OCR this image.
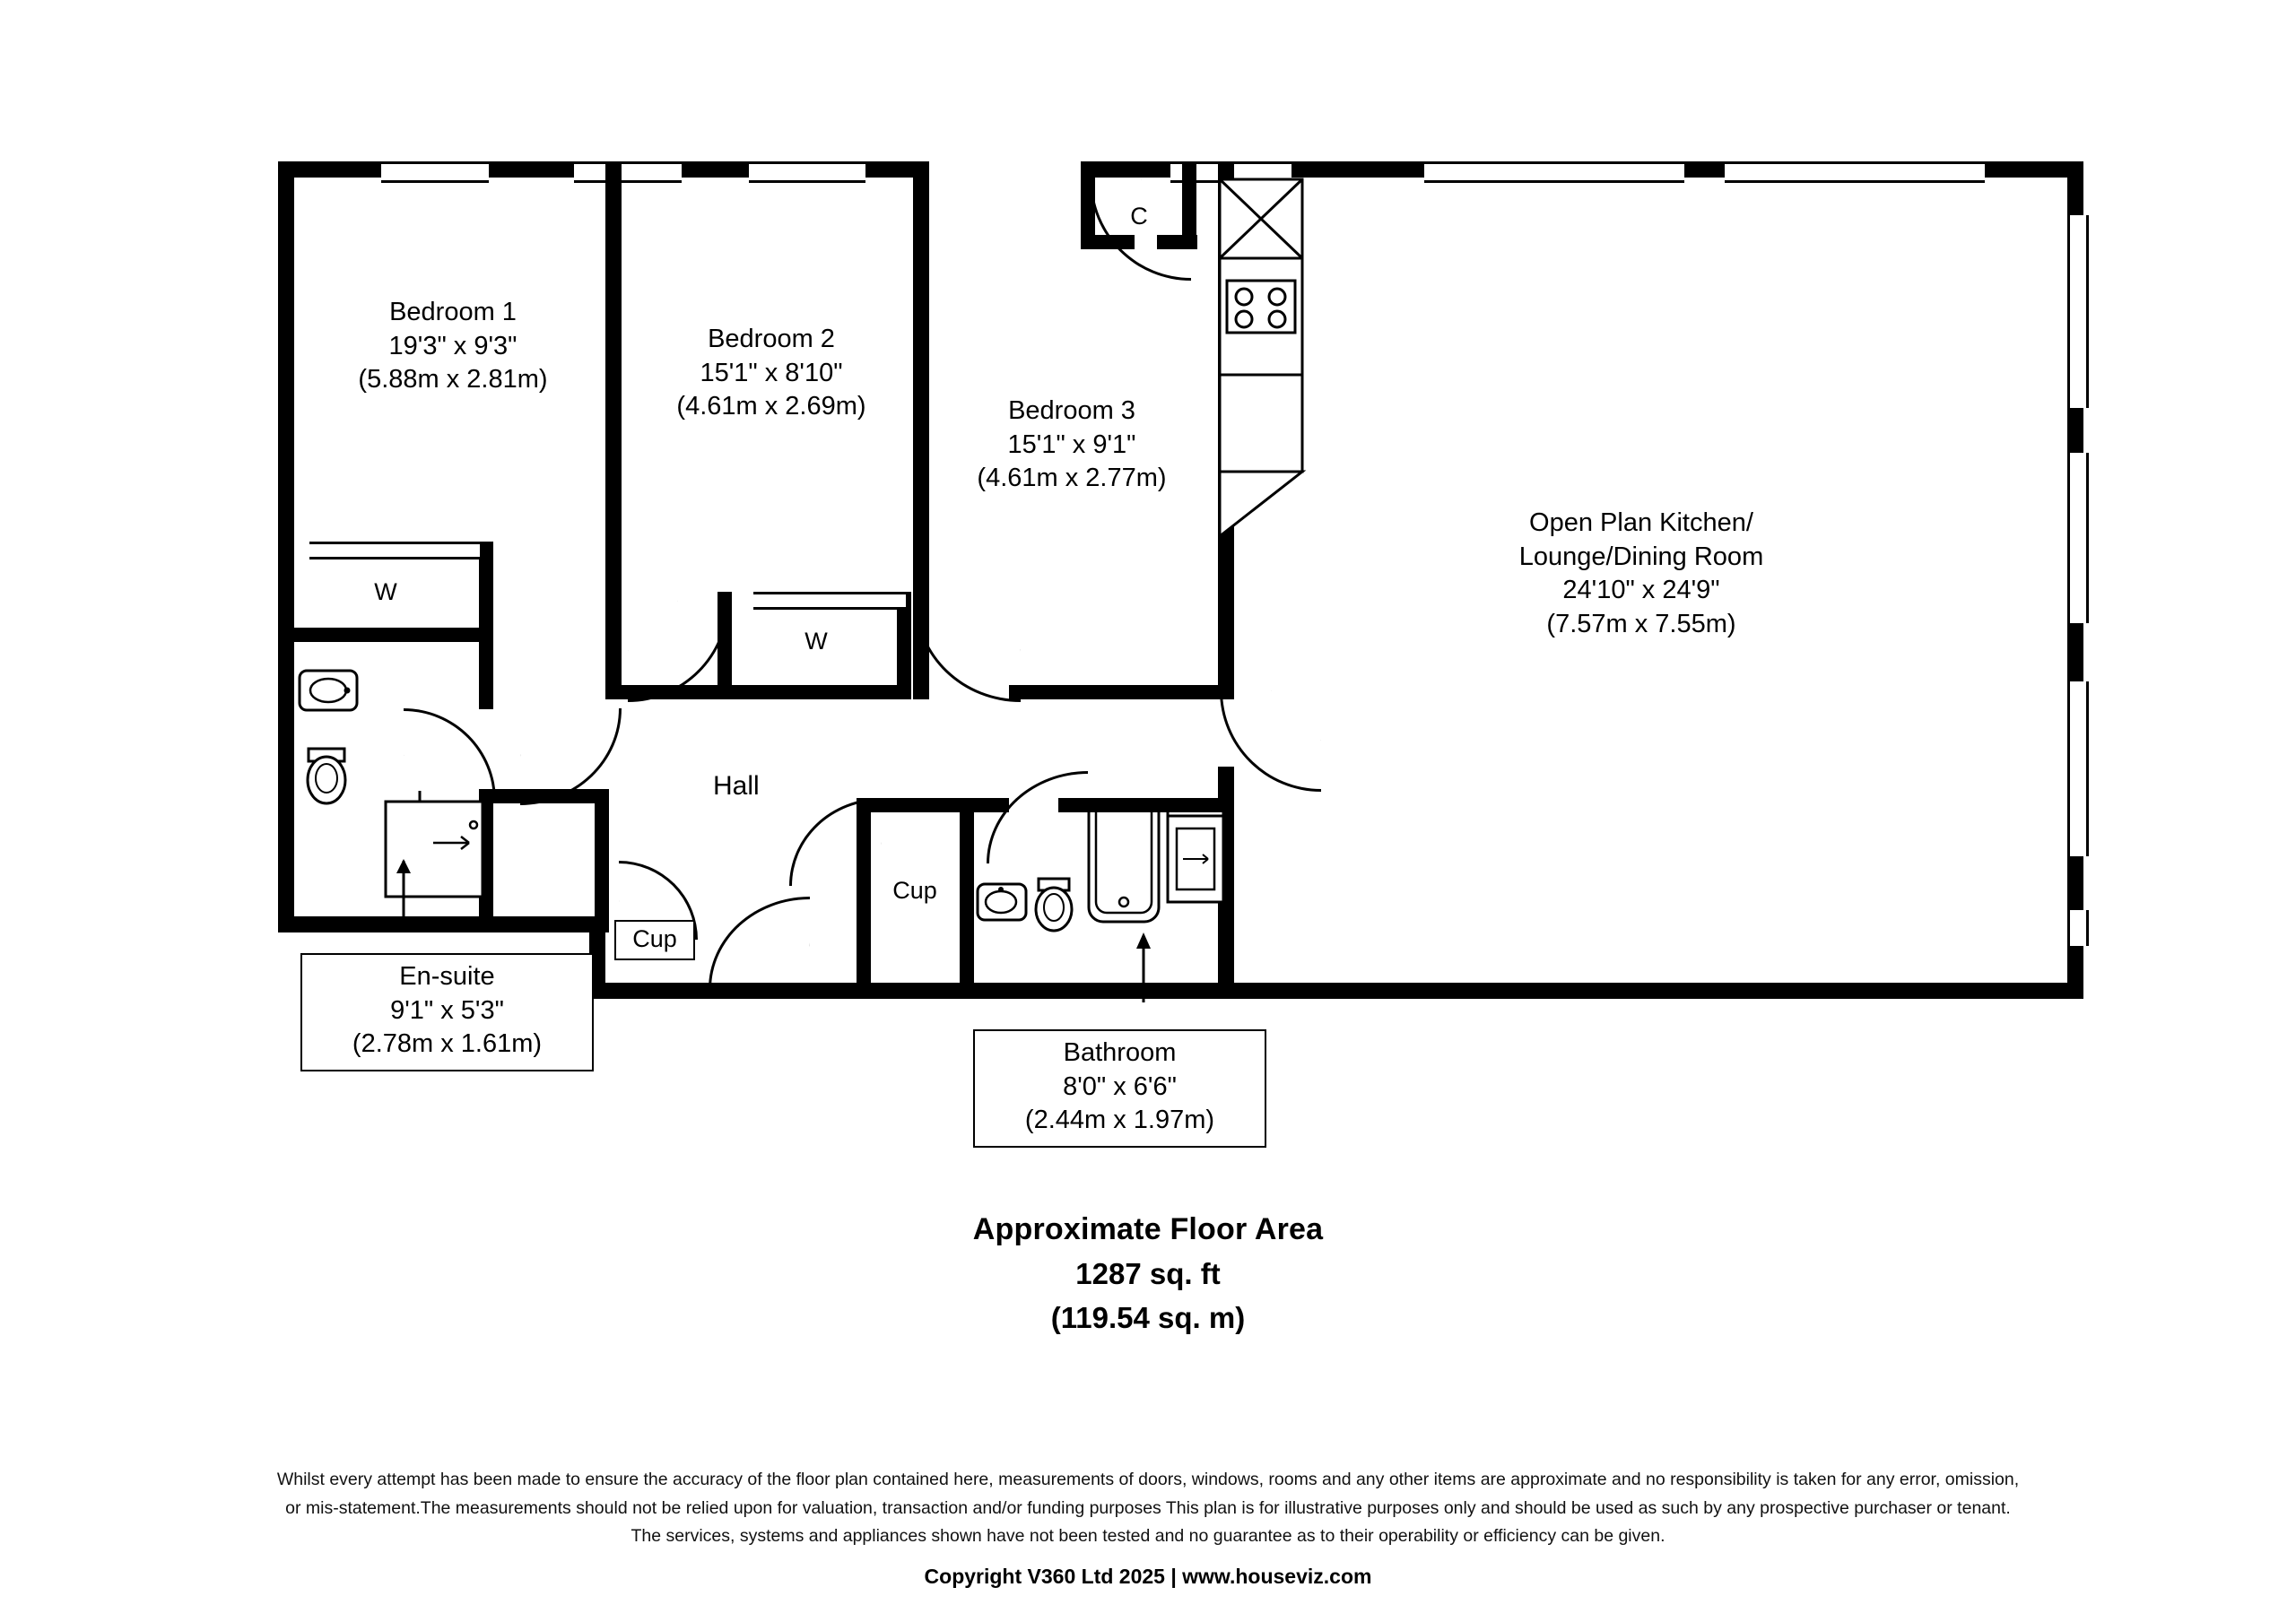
Bedroom 1
19'3" x 9'3"
(5.88m x 2.81m)
Bedroom 2
15'1" x 8'10"
(4.61m x 2.69m)	Bedroom 3
15'1" x 9'1"
(4.61m x 2.77m)
Open Plan Kitchen/
Lounge/Dining Room
24'10" x 24'9"
(7.57m x 7.55m)
En-suite
9'1" x 5'3"
(2.78m x 1.61m)	Bathroom
8'0" x 6'6"
(2.44m x 1.97m)
C
W
W
Hall
Cup
Cup
Approximate Floor Area
1287 sq. ft
(119.54 sq. m)
Whilst every attempt has been made to ensure the accuracy of the floor plan contained here, measurements of doors, windows, rooms and any other items are approximate and no responsibility is taken for any error, omission,
or mis-statement.The measurements should not be relied upon for valuation, transaction and/or funding purposes This plan is for illustrative purposes only and should be used as such by any prospective purchaser or tenant.
The services, systems and appliances shown have not been tested and no guarantee as to their operability or efficiency can be given.
Copyright V360 Ltd 2025 | www.houseviz.com
